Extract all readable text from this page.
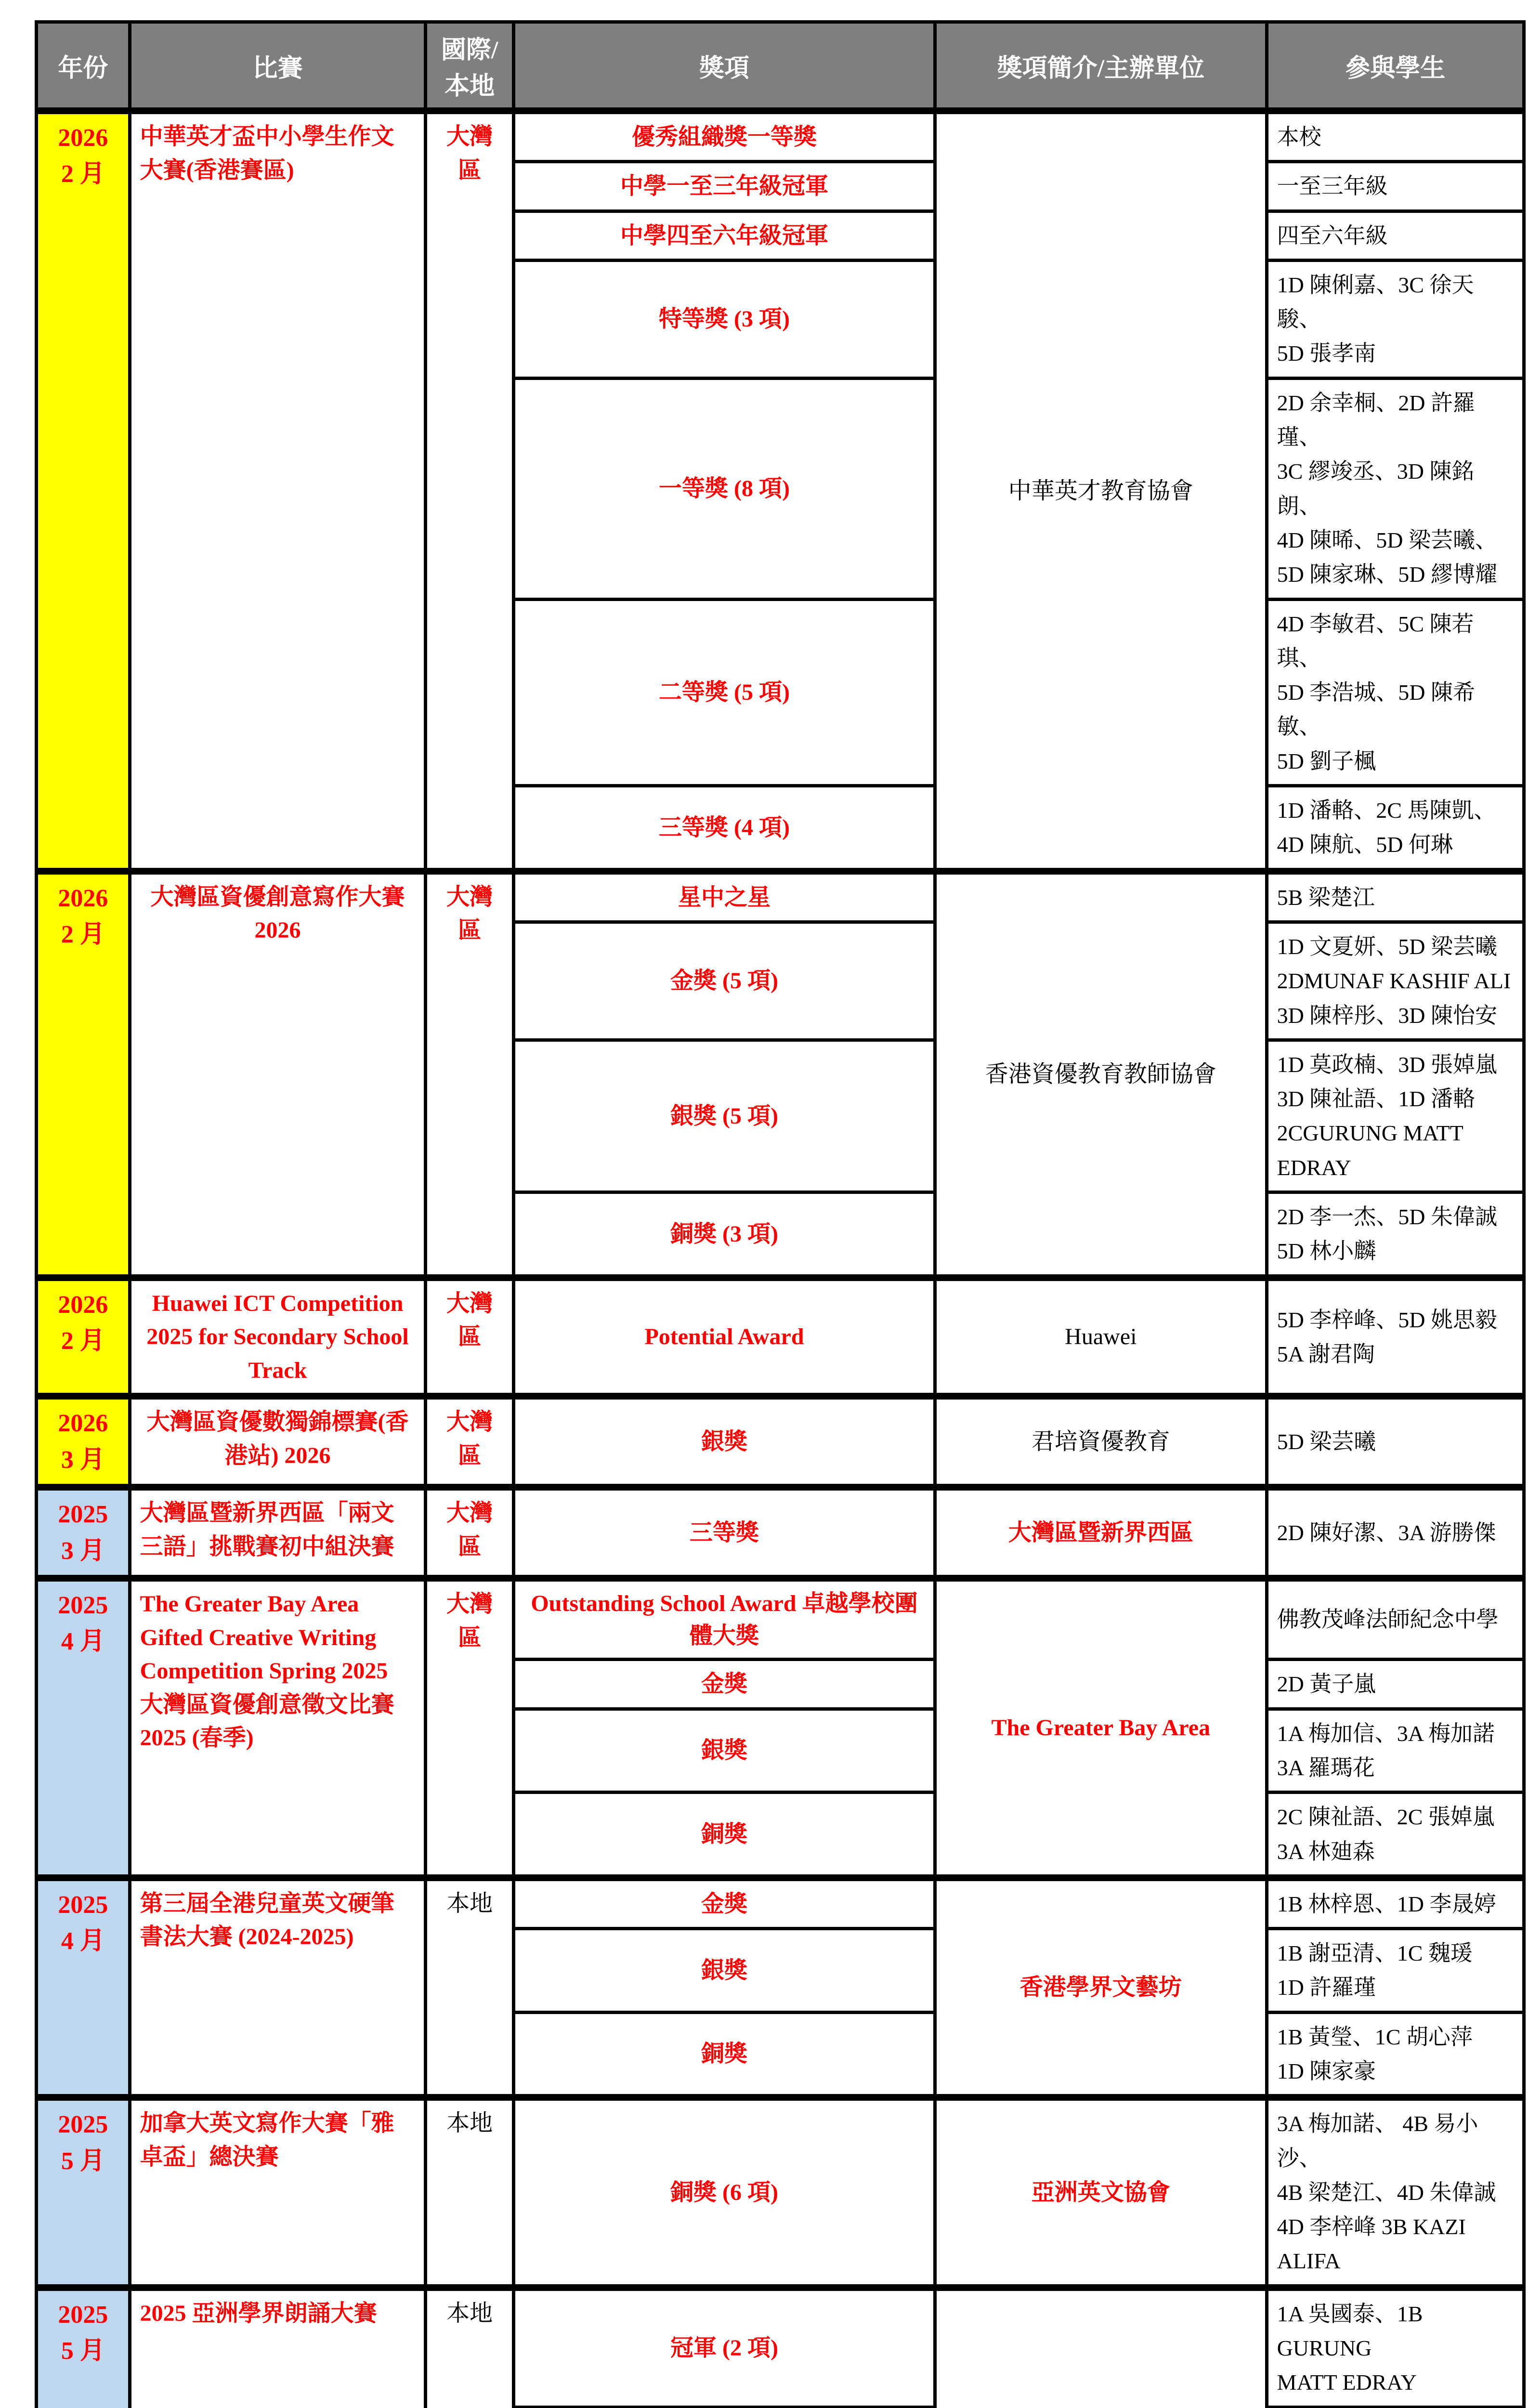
年份	比賽	國際/本地	獎項	獎項簡介/主辦單位	參與學生

2026
2 月	中華英才盃中小學生作文大賽(香港賽區)	大灣區	優秀組織獎一等獎	中華英才教育協會	本校
			中學一至三年級冠軍		一至三年級
			中學四至六年級冠軍		四至六年級
			特等獎 (3 項)		1D 陳俐嘉、3C 徐天駿、
5D 張孝南
			一等獎 (8 項)		2D 余幸桐、2D 許羅瑾、
3C 繆竣丞、3D 陳銘朗、
4D 陳晞、5D 梁芸曦、
5D 陳家琳、5D 繆博耀
			二等獎 (5 項)		4D 李敏君、5C 陳若琪、
5D 李浩城、5D 陳希敏、
5D 劉子楓
			三等獎 (4 項)		1D 潘輅、2C 馬陳凱、
4D 陳航、5D 何琳

2026
2 月	大灣區資優創意寫作大賽 2026	大灣區	星中之星	香港資優教育教師協會	5B 梁楚江
			金獎 (5 項)		1D 文夏妍、5D 梁芸曦
2DMUNAF KASHIF ALI
3D 陳梓彤、3D 陳怡安
			銀獎 (5 項)		1D 莫政楠、3D 張婥嵐
3D 陳祉語、1D 潘輅
2CGURUNG MATT EDRAY
			銅獎 (3 項)		2D 李一杰、5D 朱偉誠
5D 林小麟

2026
2 月	Huawei ICT Competition 2025 for Secondary School Track	大灣區	Potential Award	Huawei	5D 李梓峰、5D 姚思毅
5A 謝君陶

2026
3 月	大灣區資優數獨錦標賽(香港站) 2026	大灣區	銀獎	君培資優教育	5D 梁芸曦

2025
3 月	大灣區暨新界西區「兩文三語」挑戰賽初中組決賽	大灣區	三等獎	大灣區暨新界西區	2D 陳好潔、3A 游勝傑

2025
4 月	The Greater Bay Area Gifted Creative Writing Competition Spring 2025
大灣區資優創意徵文比賽 2025 (春季)	大灣區	Outstanding School Award 卓越學校團體大獎	The Greater Bay Area	佛教茂峰法師紀念中學
			金獎		2D 黃子嵐
			銀獎		1A 梅加信、3A 梅加諾
3A 羅瑪花
			銅獎		2C 陳祉語、2C 張婥嵐
3A 林廸森

2025
4 月	第三屆全港兒童英文硬筆書法大賽 (2024-2025)	本地	金獎	香港學界文藝坊	1B 林梓恩、1D 李晟婷
			銀獎		1B 謝亞清、1C 魏瑗
1D 許羅瑾
			銅獎		1B 黃瑩、1C 胡心萍
1D 陳家豪

2025
5 月	加拿大英文寫作大賽「雅卓盃」總決賽	本地	銅獎 (6 項)	亞洲英文協會	3A 梅加諾、 4B 易小沙、
4B 梁楚江、4D 朱偉誠
4D 李梓峰 3B KAZI ALIFA

2025
5 月	2025 亞洲學界朗誦大賽	本地	冠軍 (2 項)		1A 吳國泰、1B GURUNG
MATT EDRAY
